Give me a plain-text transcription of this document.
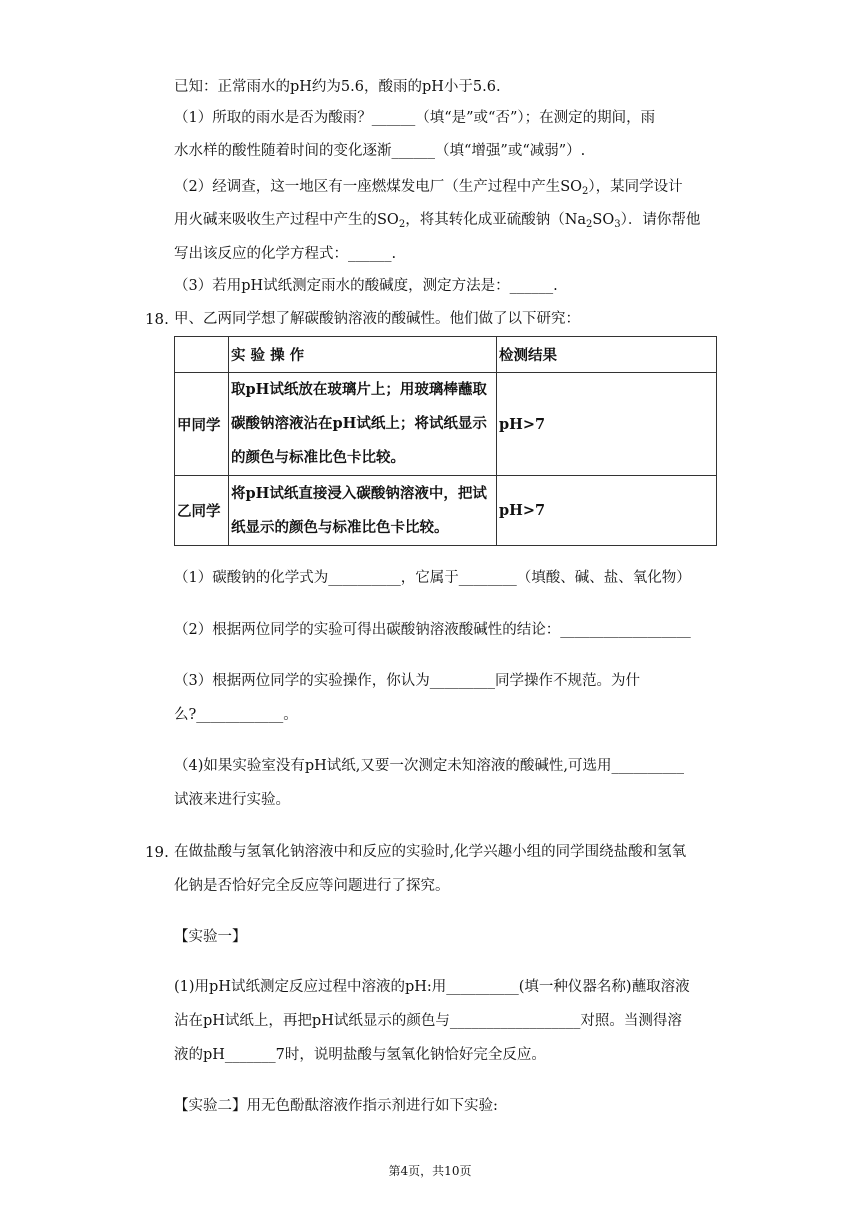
已知：正常雨水的pH约为5.6，酸雨的pH小于5.6.
（1）所取的雨水是否为酸雨？______（填“是”或“否”）；在测定的期间，雨
水水样的酸性随着时间的变化逐渐______（填“增强”或“减弱”）.
（2）经调查，这一地区有一座燃煤发电厂（生产过程中产生$SO_2$），某同学设计
用火碱来吸收生产过程中产生的$SO_2$，将其转化成亚硫酸钠$(Na_2SO_3)$．请你帮他
写出该反应的化学方程式：______.
（3）若用pH试纸测定雨水的酸碱度，测定方法是：______.
18. 甲、乙两同学想了解碳酸钠溶液的酸碱性。他们做了以下研究：
	实 验 操 作	检测结果
甲同学	取pH试纸放在玻璃片上；用玻璃棒蘸取
碳酸钠溶液沾在pH试纸上；将试纸显示
的颜色与标准比色卡比较。	pH>7
乙同学	将pH试纸直接浸入碳酸钠溶液中，把试
纸显示的颜色与标准比色卡比较。	pH>7
（1）碳酸钠的化学式为__________，它属于________（填酸、碱、盐、氧化物）
（2）根据两位同学的实验可得出碳酸钠溶液酸碱性的结论：__________________
（3）根据两位同学的实验操作，你认为_________同学操作不规范。为什
么?____________。
（4)如果实验室没有pH试纸,又要一次测定未知溶液的酸碱性,可选用__________
试液来进行实验。
19. 在做盐酸与氢氧化钠溶液中和反应的实验时,化学兴趣小组的同学围绕盐酸和氢氧
化钠是否恰好完全反应等问题进行了探究。
【实验一】
(1)用pH试纸测定反应过程中溶液的pH:用__________(填一种仪器名称)蘸取溶液
沾在pH试纸上，再把pH试纸显示的颜色与__________________对照。当测得溶
液的pH_______7时，说明盐酸与氢氧化钠恰好完全反应。
【实验二】用无色酚酞溶液作指示剂进行如下实验:
第4页，共10页
